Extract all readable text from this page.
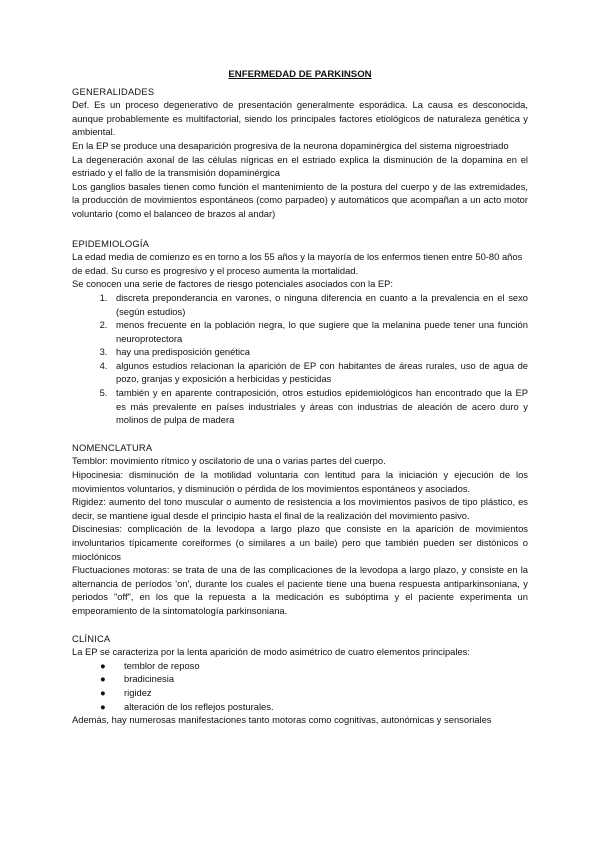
ENFERMEDAD DE PARKINSON
GENERALIDADES

Def. Es un proceso degenerativo de presentación generalmente esporádica. La causa es desconocida, aunque probablemente es multifactorial, siendo los principales factores etiológicos de naturaleza genética y ambiental.

En la EP se produce una desaparición progresiva de la neurona dopaminérgica del sistema nigroestriado

La degeneración axonal de las células nígricas en el estriado explica la disminución de la dopamina en el estriado y el fallo de la transmisión dopaminérgica

Los ganglios basales tienen como función el mantenimiento de la postura del cuerpo y de las extremidades, la producción de movimientos espontáneos (como parpadeo) y automáticos que acompañan a un acto motor voluntario (como el balanceo de brazos al andar)

EPIDEMIOLOGÍA

La edad media de comienzo es en torno a los 55 años y la mayoría de los enfermos tienen entre 50-80 años de edad. Su curso es progresivo y el proceso aumenta la mortalidad.

Se conocen una serie de factores de riesgo potenciales asociados con la EP:

1. discreta preponderancia en varones, o ninguna diferencia en cuanto a la prevalencia en el sexo (según estudios)
2. menos frecuente en la población negra, lo que sugiere que la melanina puede tener una función neuroprotectora
3. hay una predisposición genética
4. algunos estudios relacionan la aparición de EP con habitantes de áreas rurales, uso de agua de pozo, granjas y exposición a herbicidas y pesticidas
5. también y en aparente contraposición, otros estudios epidemiológicos han encontrado que la EP es más prevalente en países industriales y áreas con industrias de aleación de acero duro y molinos de pulpa de madera
NOMENCLATURA

Temblor: movimiento rítmico y oscilatorio de una o varias partes del cuerpo.

Hipocinesia: disminución de la motilidad voluntaria con lentitud para la iniciación y ejecución de los movimientos voluntarios, y disminución o pérdida de los movimientos espontáneos y asociados.

Rigidez: aumento del tono muscular o aumento de resistencia a los movimientos pasivos de tipo plástico, es decir, se mantiene igual desde el principio hasta el final de la realización del movimiento pasivo.

Discinesias: complicación de la levodopa a largo plazo que consiste en la aparición de movimientos involuntarios típicamente coreiformes (o similares a un baile) pero que también pueden ser distónicos o mioclónicos

Fluctuaciones motoras: se trata de una de las complicaciones de la levodopa a largo plazo, y consiste en la alternancia de períodos 'on', durante los cuales el paciente tiene una buena respuesta antiparkinsoniana, y periodos "off", en los que la repuesta a la medicación es subóptima y el paciente experimenta un empeoramiento de la sintomatología parkinsoniana.

CLÍNICA

La EP se caracteriza por la lenta aparición de modo asimétrico de cuatro elementos principales:

● temblor de reposo
● bradicinesia
● rigidez
● alteración de los reflejos posturales.

Además, hay numerosas manifestaciones tanto motoras como cognitivas, autonómicas y sensoriales
